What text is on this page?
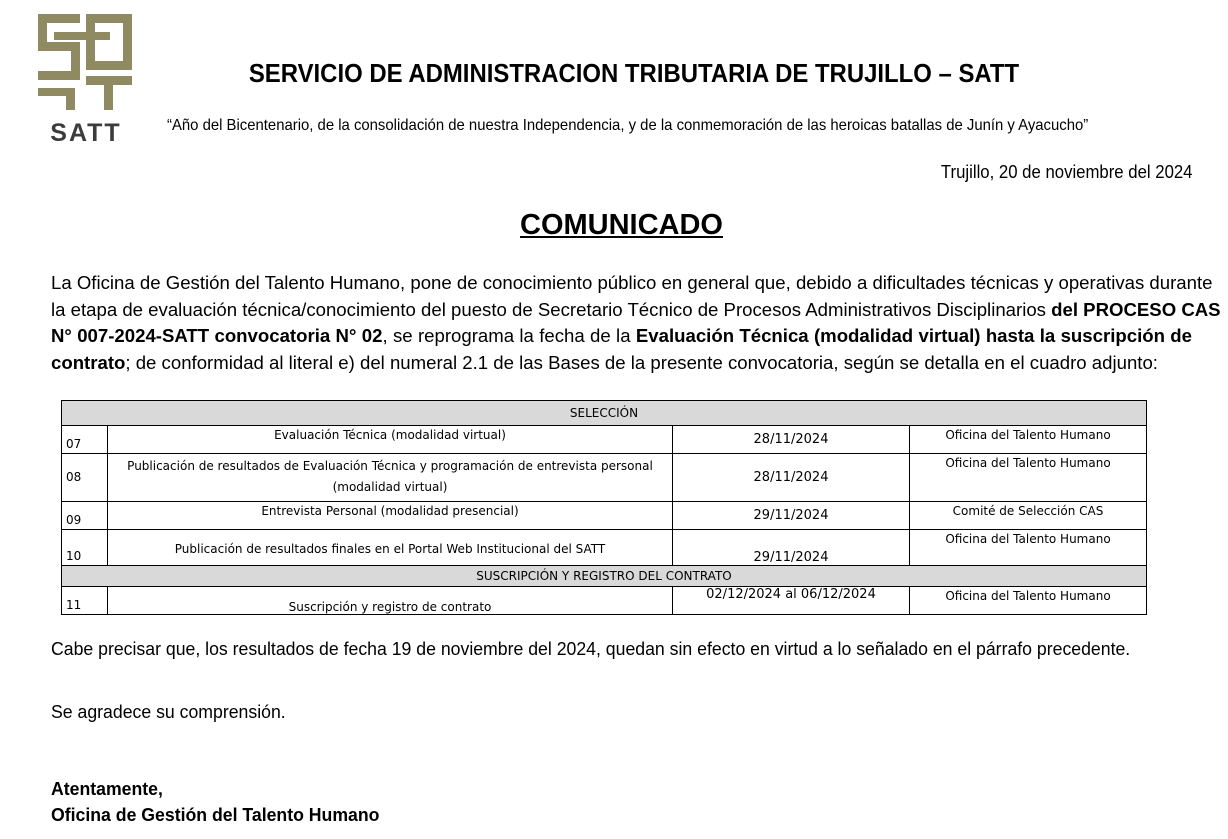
SATT
SERVICIO DE ADMINISTRACION TRIBUTARIA DE TRUJILLO – SATT
“Año del Bicentenario, de la consolidación de nuestra Independencia, y de la conmemoración de las heroicas batallas de Junín y Ayacucho”
Trujillo, 20 de noviembre del 2024
COMUNICADO
La Oficina de Gestión del Talento Humano, pone de conocimiento público en general que, debido a dificultades técnicas y operativas durante
la etapa de evaluación técnica/conocimiento del puesto de Secretario Técnico de Procesos Administrativos Disciplinarios del PROCESO CAS
N° 007-2024-SATT convocatoria N° 02, se reprograma la fecha de la Evaluación Técnica (modalidad virtual) hasta la suscripción de
contrato; de conformidad al literal e) del numeral 2.1 de las Bases de la presente convocatoria, según se detalla en el cuadro adjunto:
SELECCIÓN			
07	Evaluación Técnica (modalidad virtual)	28/11/2024	Oficina del Talento Humano
08	Publicación de resultados de Evaluación Técnica y programación de entrevista personal (modalidad virtual)	28/11/2024	Oficina del Talento Humano
09	Entrevista Personal (modalidad presencial)	29/11/2024	Comité de Selección CAS
10	Publicación de resultados finales en el Portal Web Institucional del SATT	29/11/2024	Oficina del Talento Humano
SUSCRIPCIÓN Y REGISTRO DEL CONTRATO			
11	Suscripción y registro de contrato	02/12/2024 al 06/12/2024	Oficina del Talento Humano
Cabe precisar que, los resultados de fecha 19 de noviembre del 2024, quedan sin efecto en virtud a lo señalado en el párrafo precedente.
Se agradece su comprensión.
Atentamente,
Oficina de Gestión del Talento Humano
